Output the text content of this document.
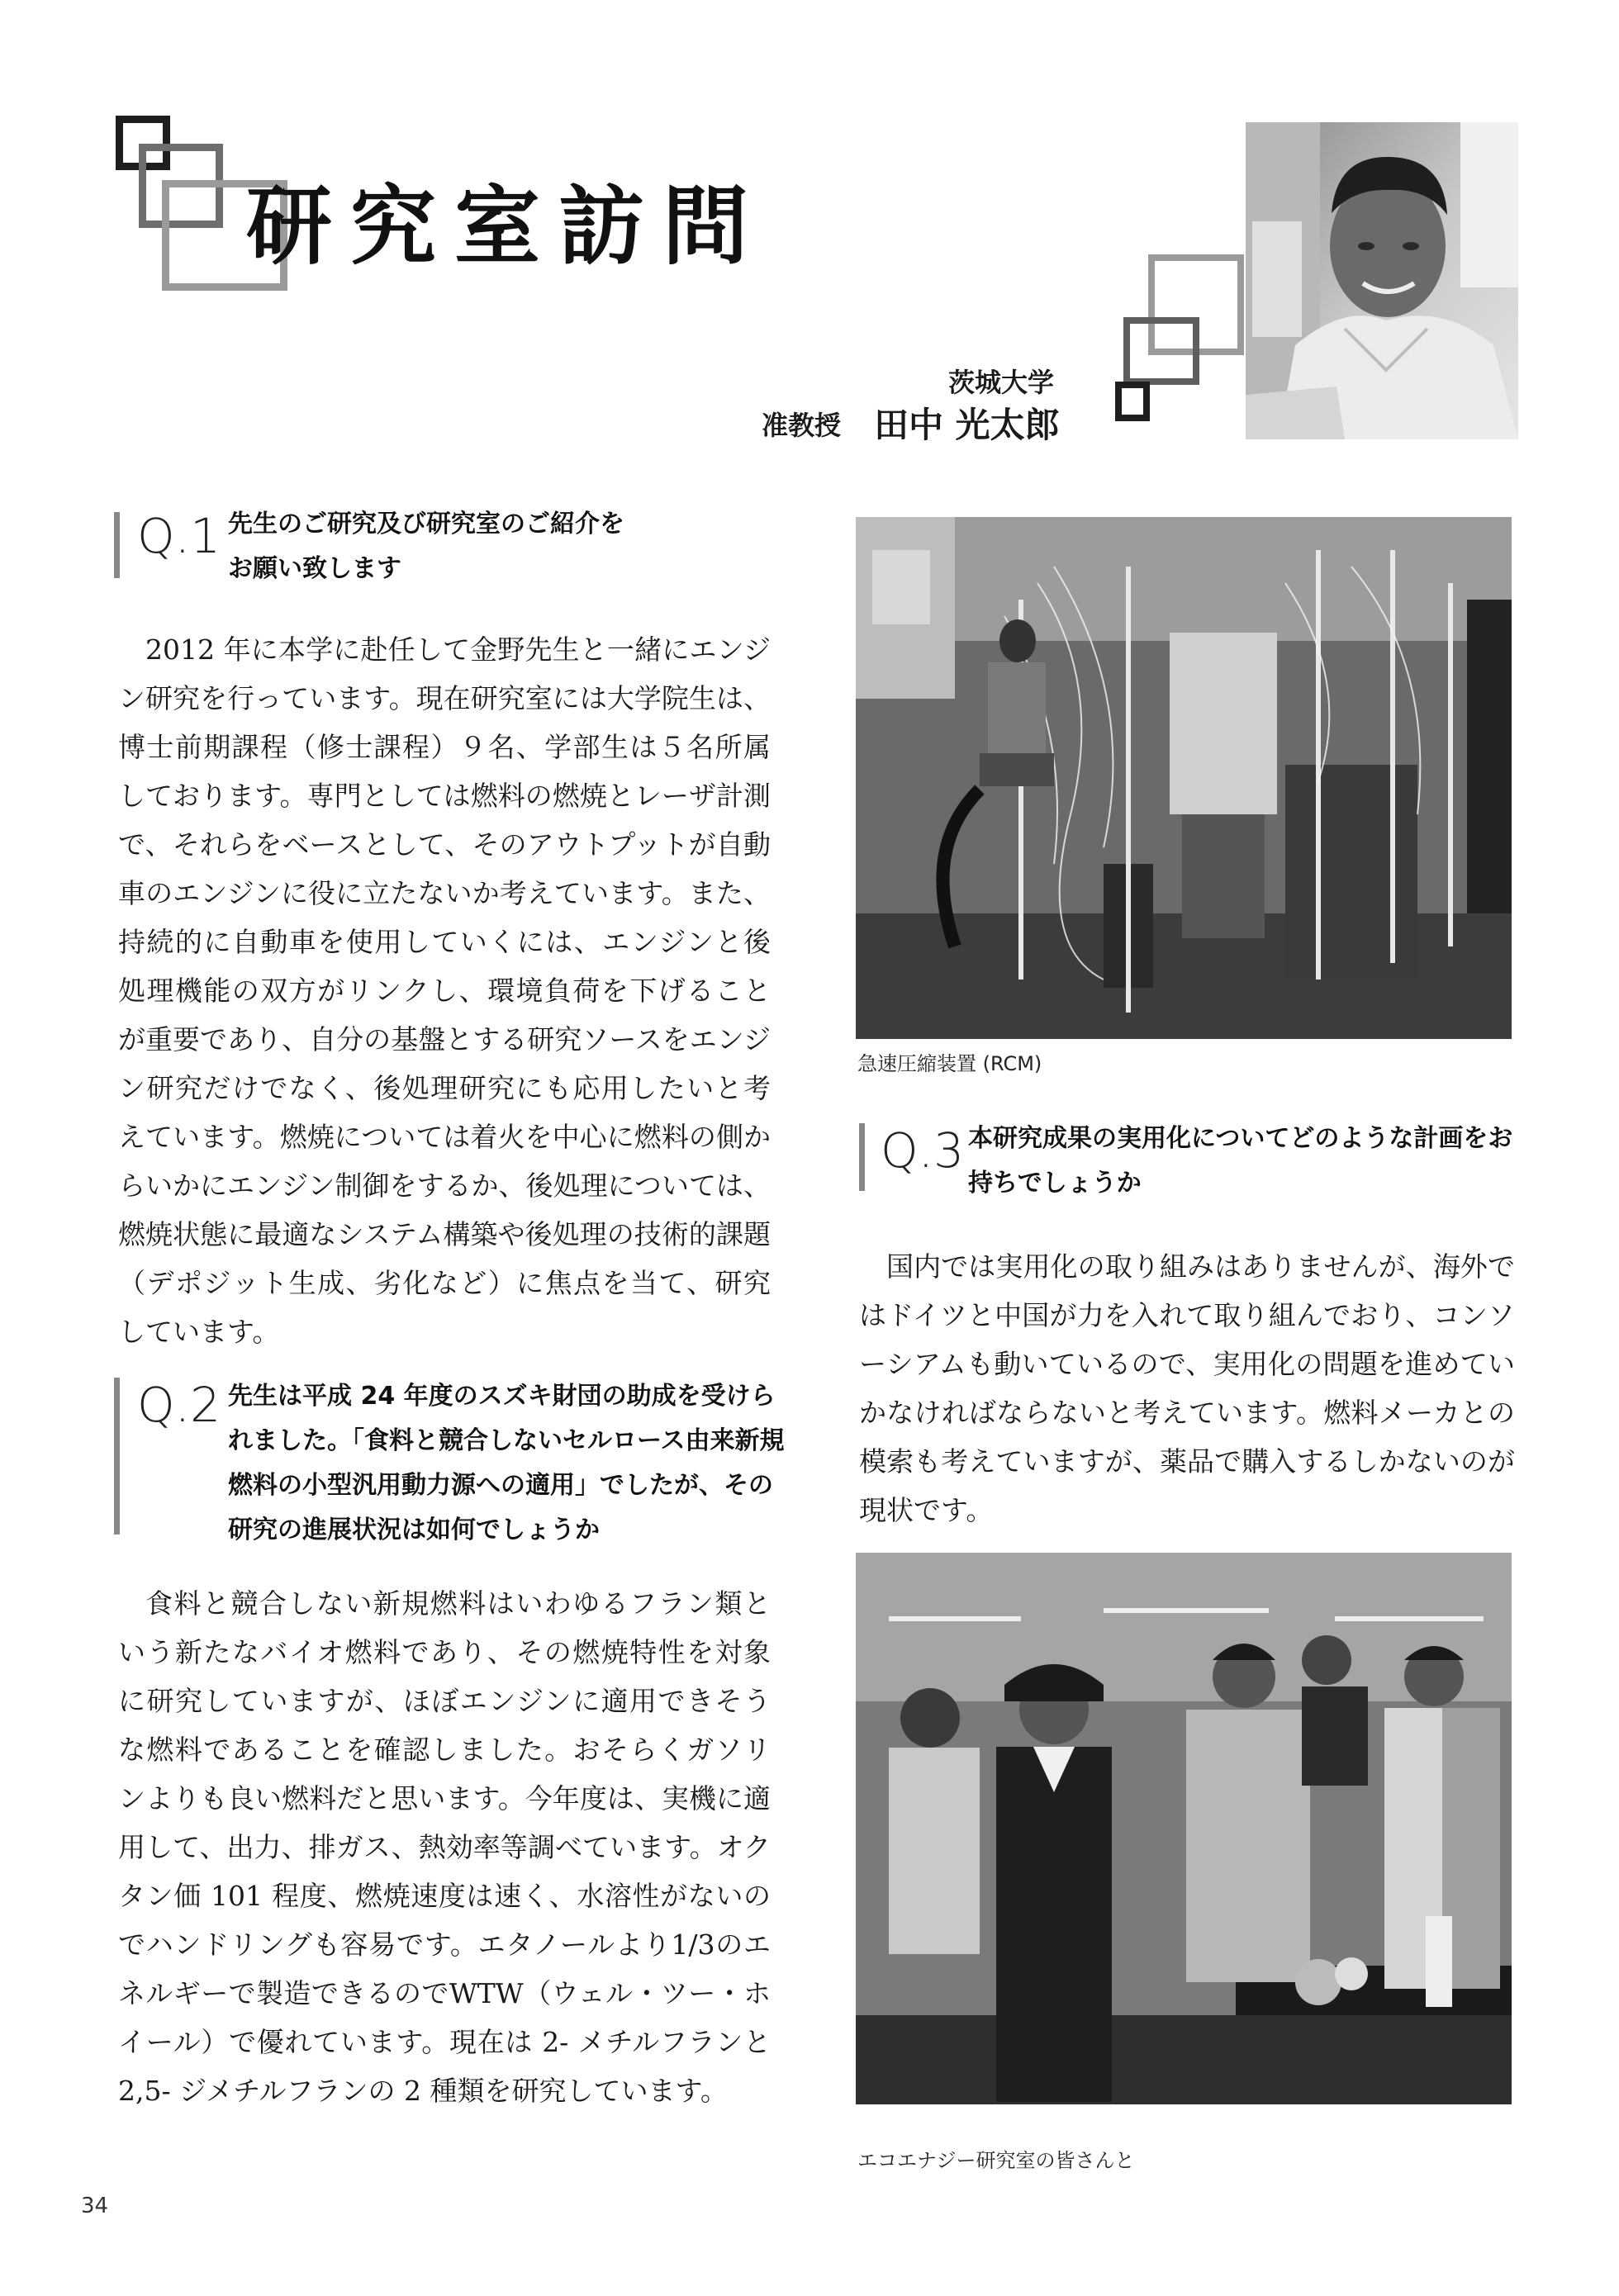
研究室訪問
茨城大学
准教授 田中 光太郎
Q.1 先生のご研究及び研究室のご紹介を
お願い致します

2012 年に本学に赴任して金野先生と一緒にエンジン研究を行っています。現在研究室には大学院生は、博士前期課程（修士課程）９名、学部生は５名所属しております。専門としては燃料の燃焼とレーザ計測で、それらをベースとして、そのアウトプットが自動車のエンジンに役に立たないか考えています。また、持続的に自動車を使用していくには、エンジンと後処理機能の双方がリンクし、環境負荷を下げることが重要であり、自分の基盤とする研究ソースをエンジン研究だけでなく、後処理研究にも応用したいと考えています。燃焼については着火を中心に燃料の側からいかにエンジン制御をするか、後処理については、燃焼状態に最適なシステム構築や後処理の技術的課題（デポジット生成、劣化など）に焦点を当て、研究しています。

Q.2 先生は平成 24 年度のスズキ財団の助成を受けら
れました。「食料と競合しないセルロース由来新規
燃料の小型汎用動力源への適用」でしたが、その
研究の進展状況は如何でしょうか

食料と競合しない新規燃料はいわゆるフラン類という新たなバイオ燃料であり、その燃焼特性を対象に研究していますが、ほぼエンジンに適用できそうな燃料であることを確認しました。おそらくガソリンよりも良い燃料だと思います。今年度は、実機に適用して、出力、排ガス、熱効率等調べています。オクタン価 101 程度、燃焼速度は速く、水溶性がないのでハンドリングも容易です。エタノールより1/3のエネルギーで製造できるのでWTW（ウェル・ツー・ホイール）で優れています。現在は 2- メチルフランと 2,5- ジメチルフランの 2 種類を研究しています。

急速圧縮装置 (RCM)
Q.3 本研究成果の実用化についてどのような計画をお
持ちでしょうか

国内では実用化の取り組みはありませんが、海外ではドイツと中国が力を入れて取り組んでおり、コンソーシアムも動いているので、実用化の問題を進めていかなければならないと考えています。燃料メーカとの模索も考えていますが、薬品で購入するしかないのが現状です。

エコエナジー研究室の皆さんと
34
